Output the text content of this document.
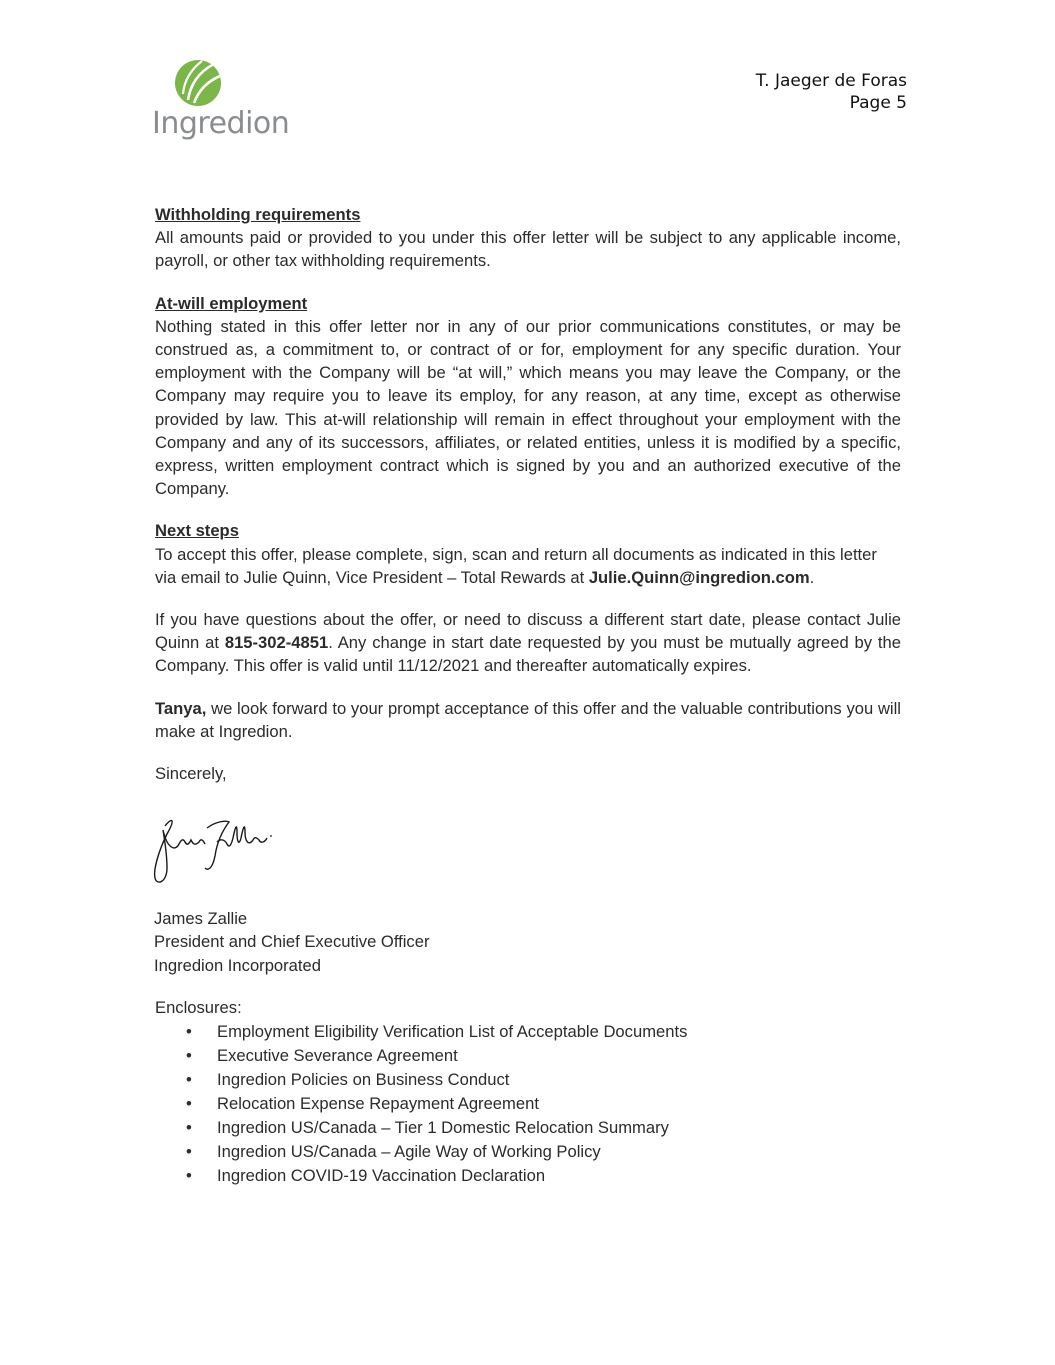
Ingredion
T. Jaeger de Foras
Page 5

Withholding requirements

All amounts paid or provided to you under this offer letter will be subject to any applicable income, payroll, or other tax withholding requirements.

At-will employment

Nothing stated in this offer letter nor in any of our prior communications constitutes, or may be construed as, a commitment to, or contract of or for, employment for any specific duration. Your employment with the Company will be “at will,” which means you may leave the Company, or the Company may require you to leave its employ, for any reason, at any time, except as otherwise provided by law. This at-will relationship will remain in effect throughout your employment with the Company and any of its successors, affiliates, or related entities, unless it is modified by a specific, express, written employment contract which is signed by you and an authorized executive of the Company.

Next steps

To accept this offer, please complete, sign, scan and return all documents as indicated in this letter via email to Julie Quinn, Vice President – Total Rewards at Julie.Quinn@ingredion.com.

If you have questions about the offer, or need to discuss a different start date, please contact Julie Quinn at 815-302-4851. Any change in start date requested by you must be mutually agreed by the Company. This offer is valid until 11/12/2021 and thereafter automatically expires.

Tanya, we look forward to your prompt acceptance of this offer and the valuable contributions you will make at Ingredion.

Sincerely,

James Zallie
President and Chief Executive Officer
Ingredion Incorporated
Enclosures:
• Employment Eligibility Verification List of Acceptable Documents
• Executive Severance Agreement
• Ingredion Policies on Business Conduct
• Relocation Expense Repayment Agreement
• Ingredion US/Canada – Tier 1 Domestic Relocation Summary
• Ingredion US/Canada – Agile Way of Working Policy
• Ingredion COVID-19 Vaccination Declaration
